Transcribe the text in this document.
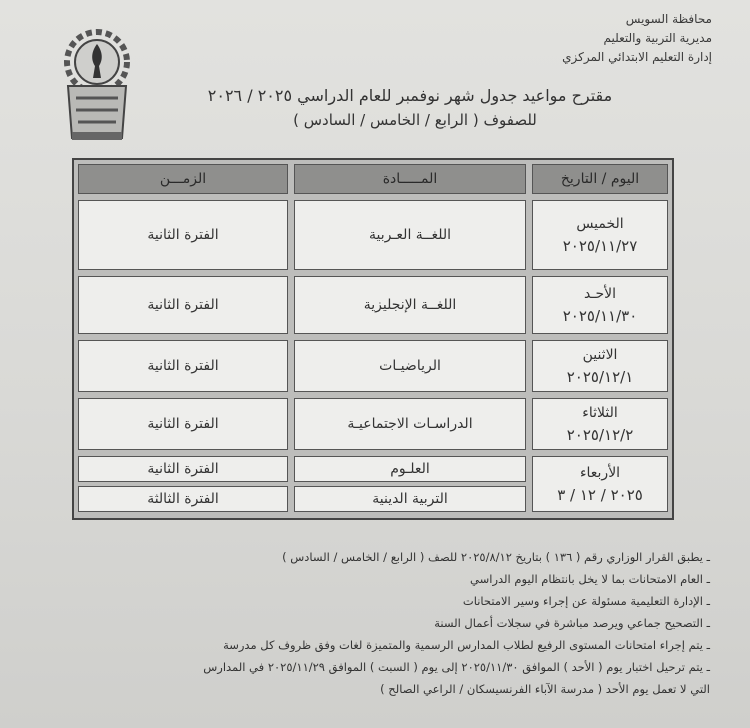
محافظة السويس
مديرية التربية والتعليم
إدارة التعليم الابتدائي المركزي
مقترح مواعيد جدول شهر نوفمبر للعام الدراسي ٢٠٢٥ / ٢٠٢٦
للصفوف ( الرابع / الخامس / السادس )
اليوم / التاريخ
المـــــادة
الزمـــن
الخميس
٢٠٢٥/١١/٢٧
اللغــة العـربية
الفترة الثانية
الأحـد
٢٠٢٥/١١/٣٠
اللغــة الإنجليزية
الفترة الثانية
الاثنين
٢٠٢٥/١٢/١
الرياضيـات
الفترة الثانية
الثلاثاء
٢٠٢٥/١٢/٢
الدراسـات الاجتماعيـة
الفترة الثانية
الأربعاء
٢٠٢٥ / ١٢ / ٣
العلـوم
الفترة الثانية
التربية الدينية
الفترة الثالثة
ـ يطبق القرار الوزاري رقم ( ١٣٦ ) بتاريخ ٢٠٢٥/٨/١٢ للصف ( الرابع / الخامس / السادس )
ـ العام الامتحانات بما لا يخل بانتظام اليوم الدراسي
ـ الإدارة التعليمية مسئولة عن إجراء وسير الامتحانات
ـ التصحيح جماعي ويرصد مباشرة في سجلات أعمال السنة
ـ يتم إجراء امتحانات المستوى الرفيع لطلاب المدارس الرسمية والمتميزة لغات وفق ظروف كل مدرسة
ـ يتم ترحيل اختبار يوم ( الأحد ) الموافق ٢٠٢٥/١١/٣٠ إلى يوم ( السبت ) الموافق ٢٠٢٥/١١/٢٩ في المدارس
التي لا تعمل يوم الأحد ( مدرسة الآباء الفرنسيسكان / الراعي الصالح )
